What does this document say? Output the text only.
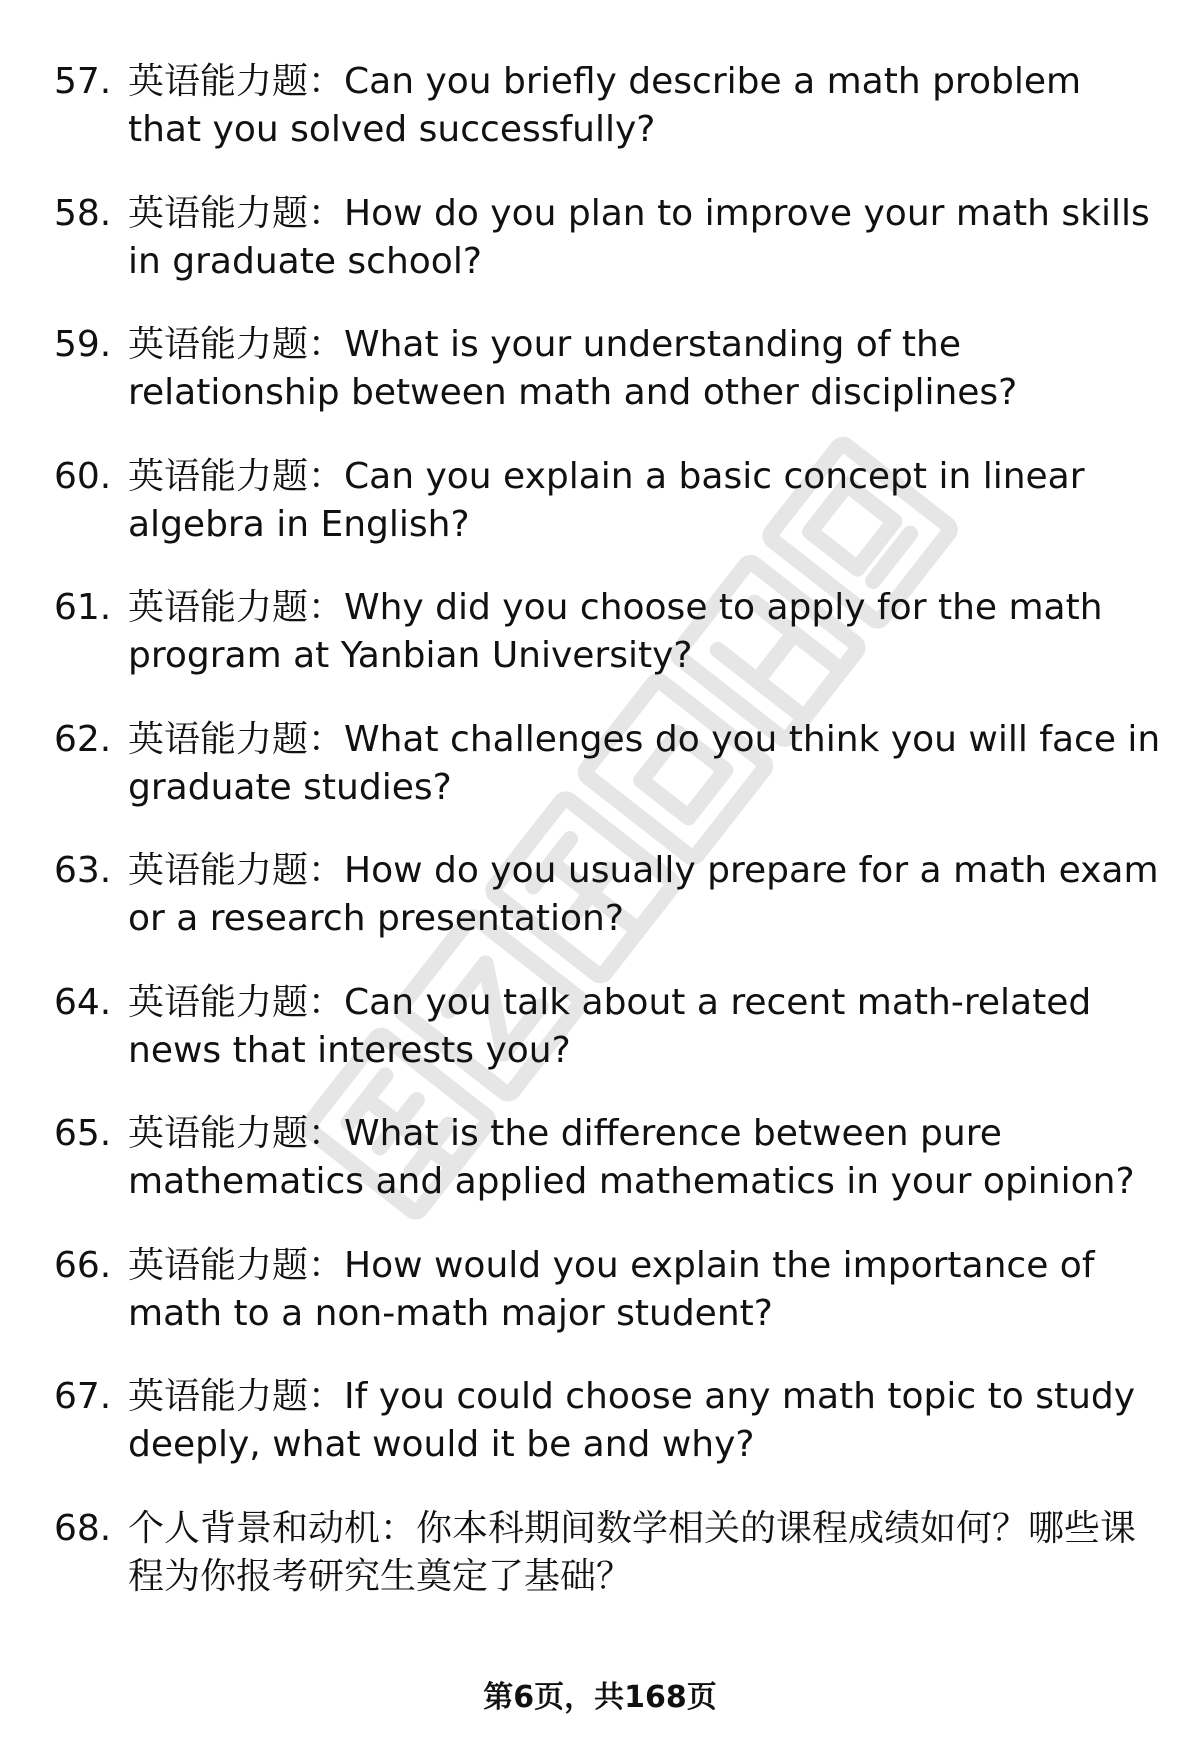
57. 英语能力题：Can you briefly describe a math problem that you solved successfully?
58. 英语能力题：How do you plan to improve your math skills in graduate school?
59. 英语能力题：What is your understanding of the relationship between math and other disciplines?
60. 英语能力题：Can you explain a basic concept in linear algebra in English?
61. 英语能力题：Why did you choose to apply for the math program at Yanbian University?
62. 英语能力题：What challenges do you think you will face in graduate studies?
63. 英语能力题：How do you usually prepare for a math exam or a research presentation?
64. 英语能力题：Can you talk about a recent math-related news that interests you?
65. 英语能力题：What is the difference between pure mathematics and applied mathematics in your opinion?
66. 英语能力题：How would you explain the importance of math to a non-math major student?
67. 英语能力题：If you could choose any math topic to study deeply, what would it be and why?
68. 个人背景和动机：你本科期间数学相关的课程成绩如何？哪些课程为你报考研究生奠定了基础？
第6页，共168页
